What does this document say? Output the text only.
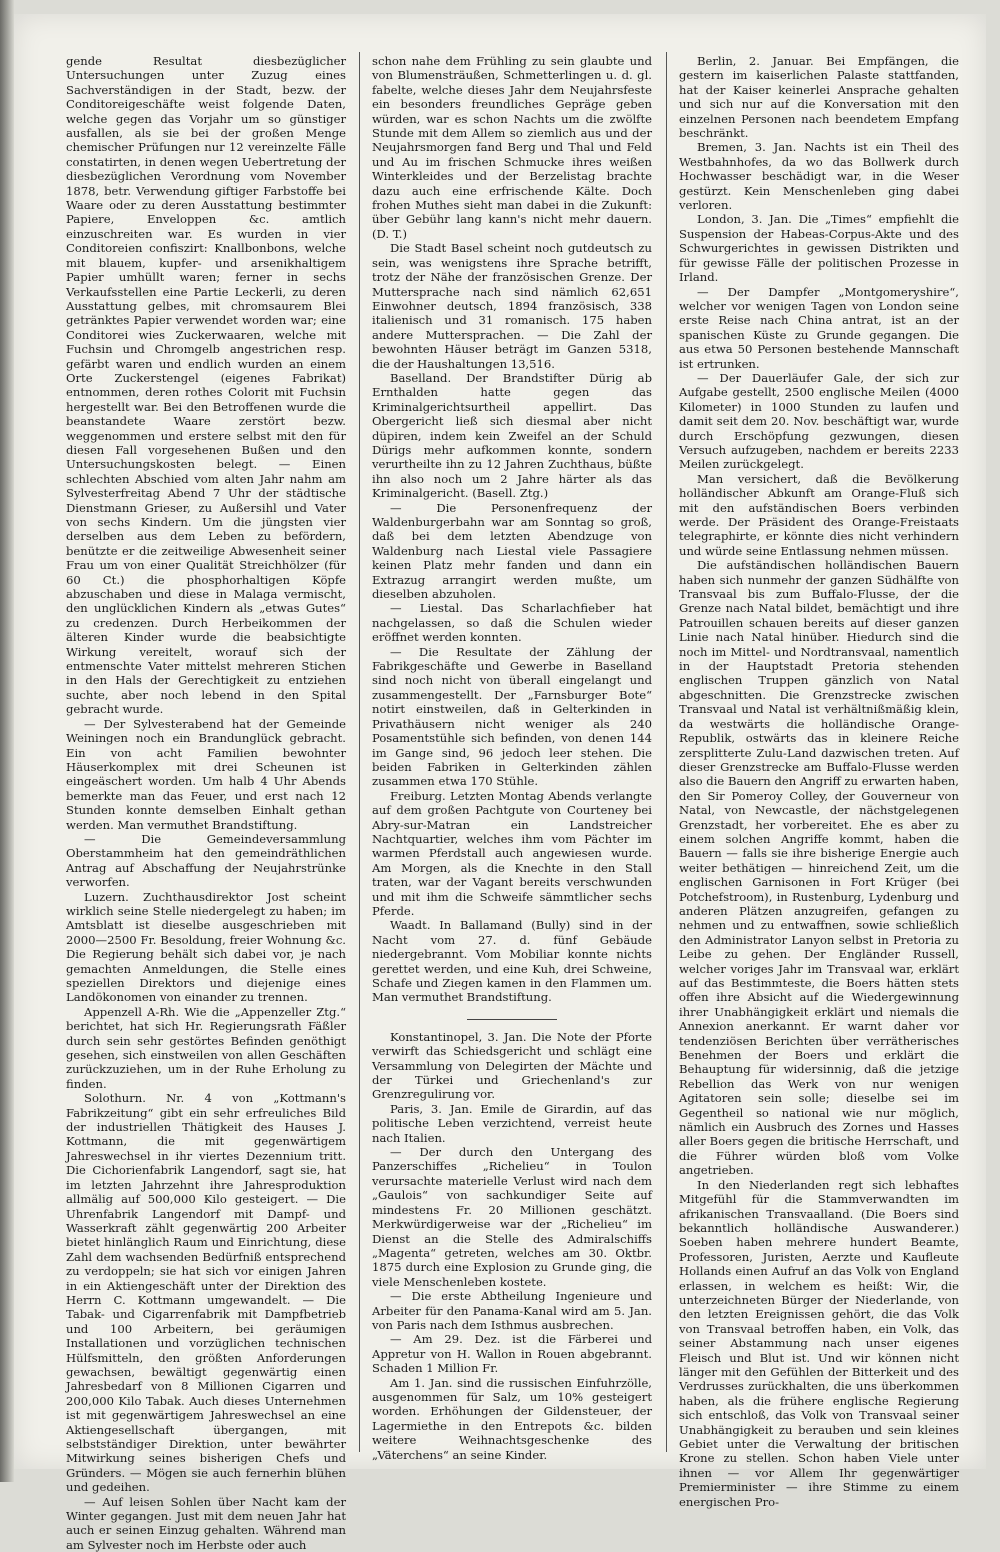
gende Resultat diesbezüglicher Untersuchungen unter Zuzug eines Sachverständigen in der Stadt, bezw. der Conditoreigeschäfte weist folgende Daten, welche gegen das Vorjahr um so günstiger ausfallen, als sie bei der großen Menge chemischer Prüfungen nur 12 vereinzelte Fälle constatirten, in denen wegen Uebertretung der diesbezüglichen Verordnung vom November 1878, betr. Verwendung giftiger Farbstoffe bei Waare oder zu deren Ausstattung bestimmter Papiere, Enveloppen &c. amtlich einzuschreiten war. Es wurden in vier Conditoreien confiszirt: Knallbonbons, welche mit blauem, kupfer- und arsenikhaltigem Papier umhüllt waren; ferner in sechs Verkaufsstellen eine Partie Leckerli, zu deren Ausstattung gelbes, mit chromsaurem Blei getränktes Papier verwendet worden war; eine Conditorei wies Zuckerwaaren, welche mit Fuchsin und Chromgelb angestrichen resp. gefärbt waren und endlich wurden an einem Orte Zuckerstengel (eigenes Fabrikat) entnommen, deren rothes Colorit mit Fuchsin hergestellt war. Bei den Betroffenen wurde die beanstandete Waare zerstört bezw. weggenommen und erstere selbst mit den für diesen Fall vorgesehenen Bußen und den Untersuchungskosten belegt. — Einen schlechten Abschied vom alten Jahr nahm am Sylvesterfreitag Abend 7 Uhr der städtische Dienstmann Grieser, zu Außersihl und Vater von sechs Kindern. Um die jüngsten vier derselben aus dem Leben zu befördern, benützte er die zeitweilige Abwesenheit seiner Frau um von einer Qualität Streichhölzer (für 60 Ct.) die phosphorhaltigen Köpfe abzuschaben und diese in Malaga vermischt, den unglücklichen Kindern als „etwas Gutes“ zu credenzen. Durch Herbeikommen der älteren Kinder wurde die beabsichtigte Wirkung vereitelt, worauf sich der entmenschte Vater mittelst mehreren Stichen in den Hals der Gerechtigkeit zu entziehen suchte, aber noch lebend in den Spital gebracht wurde.

— Der Sylvesterabend hat der Gemeinde Weiningen noch ein Brandunglück gebracht. Ein von acht Familien bewohnter Häuserkomplex mit drei Scheunen ist eingeäschert worden. Um halb 4 Uhr Abends bemerkte man das Feuer, und erst nach 12 Stunden konnte demselben Einhalt gethan werden. Man vermuthet Brandstiftung.

— Die Gemeindeversammlung Oberstammheim hat den gemeindräthlichen Antrag auf Abschaffung der Neujahrstrünke verworfen.

Luzern. Zuchthausdirektor Jost scheint wirklich seine Stelle niedergelegt zu haben; im Amtsblatt ist dieselbe ausgeschrieben mit 2000—2500 Fr. Besoldung, freier Wohnung &c. Die Regierung behält sich dabei vor, je nach gemachten Anmeldungen, die Stelle eines speziellen Direktors und diejenige eines Landökonomen von einander zu trennen.

Appenzell A-Rh. Wie die „Appenzeller Ztg.“ berichtet, hat sich Hr. Regierungsrath Fäßler durch sein sehr gestörtes Befinden genöthigt gesehen, sich einstweilen von allen Geschäften zurückzuziehen, um in der Ruhe Erholung zu finden.

Solothurn. Nr. 4 von „Kottmann's Fabrikzeitung“ gibt ein sehr erfreuliches Bild der industriellen Thätigkeit des Hauses J. Kottmann, die mit gegenwärtigem Jahreswechsel in ihr viertes Dezennium tritt. Die Cichorienfabrik Langendorf, sagt sie, hat im letzten Jahrzehnt ihre Jahresproduktion allmälig auf 500,000 Kilo gesteigert. — Die Uhrenfabrik Langendorf mit Dampf- und Wasserkraft zählt gegenwärtig 200 Arbeiter bietet hinlänglich Raum und Einrichtung, diese Zahl dem wachsenden Bedürfniß entsprechend zu verdoppeln; sie hat sich vor einigen Jahren in ein Aktiengeschäft unter der Direktion des Herrn C. Kottmann umgewandelt. — Die Tabak- und Cigarrenfabrik mit Dampfbetrieb und 100 Arbeitern, bei geräumigen Installationen und vorzüglichen technischen Hülfsmitteln, den größten Anforderungen gewachsen, bewältigt gegenwärtig einen Jahresbedarf von 8 Millionen Cigarren und 200,000 Kilo Tabak. Auch dieses Unternehmen ist mit gegenwärtigem Jahreswechsel an eine Aktiengesellschaft übergangen, mit selbstständiger Direktion, unter bewährter Mitwirkung seines bisherigen Chefs und Gründers. — Mögen sie auch fernerhin blühen und gedeihen.

— Auf leisen Sohlen über Nacht kam der Winter gegangen. Just mit dem neuen Jahr hat auch er seinen Einzug gehalten. Während man am Sylvester noch im Herbste oder auch

schon nahe dem Frühling zu sein glaubte und von Blumensträußen, Schmetterlingen u. d. gl. fabelte, welche dieses Jahr dem Neujahrsfeste ein besonders freundliches Gepräge geben würden, war es schon Nachts um die zwölfte Stunde mit dem Allem so ziemlich aus und der Neujahrsmorgen fand Berg und Thal und Feld und Au im frischen Schmucke ihres weißen Winterkleides und der Berzelistag brachte dazu auch eine erfrischende Kälte. Doch frohen Muthes sieht man dabei in die Zukunft: über Gebühr lang kann's nicht mehr dauern. (D. T.)

Die Stadt Basel scheint noch gutdeutsch zu sein, was wenigstens ihre Sprache betrifft, trotz der Nähe der französischen Grenze. Der Muttersprache nach sind nämlich 62,651 Einwohner deutsch, 1894 französisch, 338 italienisch und 31 romanisch. 175 haben andere Muttersprachen. — Die Zahl der bewohnten Häuser beträgt im Ganzen 5318, die der Haushaltungen 13,516.

Baselland. Der Brandstifter Dürig ab Ernthalden hatte gegen das Kriminalgerichtsurtheil appellirt. Das Obergericht ließ sich diesmal aber nicht düpiren, indem kein Zweifel an der Schuld Dürigs mehr aufkommen konnte, sondern verurtheilte ihn zu 12 Jahren Zuchthaus, büßte ihn also noch um 2 Jahre härter als das Kriminalgericht. (Basell. Ztg.)

— Die Personenfrequenz der Waldenburgerbahn war am Sonntag so groß, daß bei dem letzten Abendzuge von Waldenburg nach Liestal viele Passagiere keinen Platz mehr fanden und dann ein Extrazug arrangirt werden mußte, um dieselben abzuholen.

— Liestal. Das Scharlachfieber hat nachgelassen, so daß die Schulen wieder eröffnet werden konnten.

— Die Resultate der Zählung der Fabrikgeschäfte und Gewerbe in Baselland sind noch nicht von überall eingelangt und zusammengestellt. Der „Farnsburger Bote“ notirt einstweilen, daß in Gelterkinden in Privathäusern nicht weniger als 240 Posamentstühle sich befinden, von denen 144 im Gange sind, 96 jedoch leer stehen. Die beiden Fabriken in Gelterkinden zählen zusammen etwa 170 Stühle.

Freiburg. Letzten Montag Abends verlangte auf dem großen Pachtgute von Courteney bei Abry-sur-Matran ein Landstreicher Nachtquartier, welches ihm vom Pächter im warmen Pferdstall auch angewiesen wurde. Am Morgen, als die Knechte in den Stall traten, war der Vagant bereits verschwunden und mit ihm die Schweife sämmtlicher sechs Pferde.

Waadt. In Ballamand (Bully) sind in der Nacht vom 27. d. fünf Gebäude niedergebrannt. Vom Mobiliar konnte nichts gerettet werden, und eine Kuh, drei Schweine, Schafe und Ziegen kamen in den Flammen um. Man vermuthet Brandstiftung.

Konstantinopel, 3. Jan. Die Note der Pforte verwirft das Schiedsgericht und schlägt eine Versammlung von Delegirten der Mächte und der Türkei und Griechenland's zur Grenzregulirung vor.

Paris, 3. Jan. Emile de Girardin, auf das politische Leben verzichtend, verreist heute nach Italien.

— Der durch den Untergang des Panzerschiffes „Richelieu“ in Toulon verursachte materielle Verlust wird nach dem „Gaulois“ von sachkundiger Seite auf mindestens Fr. 20 Millionen geschätzt. Merkwürdigerweise war der „Richelieu“ im Dienst an die Stelle des Admiralschiffs „Magenta“ getreten, welches am 30. Oktbr. 1875 durch eine Explosion zu Grunde ging, die viele Menschenleben kostete.

— Die erste Abtheilung Ingenieure und Arbeiter für den Panama-Kanal wird am 5. Jan. von Paris nach dem Isthmus ausbrechen.

— Am 29. Dez. ist die Färberei und Appretur von H. Wallon in Rouen abgebrannt. Schaden 1 Million Fr.

Am 1. Jan. sind die russischen Einfuhrzölle, ausgenommen für Salz, um 10% gesteigert worden. Erhöhungen der Gildensteuer, der Lagermiethe in den Entrepots &c. bilden weitere Weihnachtsgeschenke des „Väterchens“ an seine Kinder.

Berlin, 2. Januar. Bei Empfängen, die gestern im kaiserlichen Palaste stattfanden, hat der Kaiser keinerlei Ansprache gehalten und sich nur auf die Konversation mit den einzelnen Personen nach beendetem Empfang beschränkt.

Bremen, 3. Jan. Nachts ist ein Theil des Westbahnhofes, da wo das Bollwerk durch Hochwasser beschädigt war, in die Weser gestürzt. Kein Menschenleben ging dabei verloren.

London, 3. Jan. Die „Times“ empfiehlt die Suspension der Habeas-Corpus-Akte und des Schwurgerichtes in gewissen Distrikten und für gewisse Fälle der politischen Prozesse in Irland.

— Der Dampfer „Montgomeryshire“, welcher vor wenigen Tagen von London seine erste Reise nach China antrat, ist an der spanischen Küste zu Grunde gegangen. Die aus etwa 50 Personen bestehende Mannschaft ist ertrunken.

— Der Dauerläufer Gale, der sich zur Aufgabe gestellt, 2500 englische Meilen (4000 Kilometer) in 1000 Stunden zu laufen und damit seit dem 20. Nov. beschäftigt war, wurde durch Erschöpfung gezwungen, diesen Versuch aufzugeben, nachdem er bereits 2233 Meilen zurückgelegt.

Man versichert, daß die Bevölkerung holländischer Abkunft am Orange-Fluß sich mit den aufständischen Boers verbinden werde. Der Präsident des Orange-Freistaats telegraphirte, er könnte dies nicht verhindern und würde seine Entlassung nehmen müssen.

Die aufständischen holländischen Bauern haben sich nunmehr der ganzen Südhälfte von Transvaal bis zum Buffalo-Flusse, der die Grenze nach Natal bildet, bemächtigt und ihre Patrouillen schauen bereits auf dieser ganzen Linie nach Natal hinüber. Hiedurch sind die noch im Mittel- und Nordtransvaal, namentlich in der Hauptstadt Pretoria stehenden englischen Truppen gänzlich von Natal abgeschnitten. Die Grenzstrecke zwischen Transvaal und Natal ist verhältnißmäßig klein, da westwärts die holländische Orange-Republik, ostwärts das in kleinere Reiche zersplitterte Zulu-Land dazwischen treten. Auf dieser Grenzstrecke am Buffalo-Flusse werden also die Bauern den Angriff zu erwarten haben, den Sir Pomeroy Colley, der Gouverneur von Natal, von Newcastle, der nächstgelegenen Grenzstadt, her vorbereitet. Ehe es aber zu einem solchen Angriffe kommt, haben die Bauern — falls sie ihre bisherige Energie auch weiter bethätigen — hinreichend Zeit, um die englischen Garnisonen in Fort Krüger (bei Potchefstroom), in Rustenburg, Lydenburg und anderen Plätzen anzugreifen, gefangen zu nehmen und zu entwaffnen, sowie schließlich den Administrator Lanyon selbst in Pretoria zu Leibe zu gehen. Der Engländer Russell, welcher voriges Jahr im Transvaal war, erklärt auf das Bestimmteste, die Boers hätten stets offen ihre Absicht auf die Wiedergewinnung ihrer Unabhängigkeit erklärt und niemals die Annexion anerkannt. Er warnt daher vor tendenziösen Berichten über verrätherisches Benehmen der Boers und erklärt die Behauptung für widersinnig, daß die jetzige Rebellion das Werk von nur wenigen Agitatoren sein solle; dieselbe sei im Gegentheil so national wie nur möglich, nämlich ein Ausbruch des Zornes und Hasses aller Boers gegen die britische Herrschaft, und die Führer würden bloß vom Volke angetrieben.

In den Niederlanden regt sich lebhaftes Mitgefühl für die Stammverwandten im afrikanischen Transvaalland. (Die Boers sind bekanntlich holländische Auswanderer.) Soeben haben mehrere hundert Beamte, Professoren, Juristen, Aerzte und Kaufleute Hollands einen Aufruf an das Volk von England erlassen, in welchem es heißt: Wir, die unterzeichneten Bürger der Niederlande, von den letzten Ereignissen gehört, die das Volk von Transvaal betroffen haben, ein Volk, das seiner Abstammung nach unser eigenes Fleisch und Blut ist. Und wir können nicht länger mit den Gefühlen der Bitterkeit und des Verdrusses zurückhalten, die uns überkommen haben, als die frühere englische Regierung sich entschloß, das Volk von Transvaal seiner Unabhängigkeit zu berauben und sein kleines Gebiet unter die Verwaltung der britischen Krone zu stellen. Schon haben Viele unter ihnen — vor Allem Ihr gegenwärtiger Premierminister — ihre Stimme zu einem energischen Pro-
